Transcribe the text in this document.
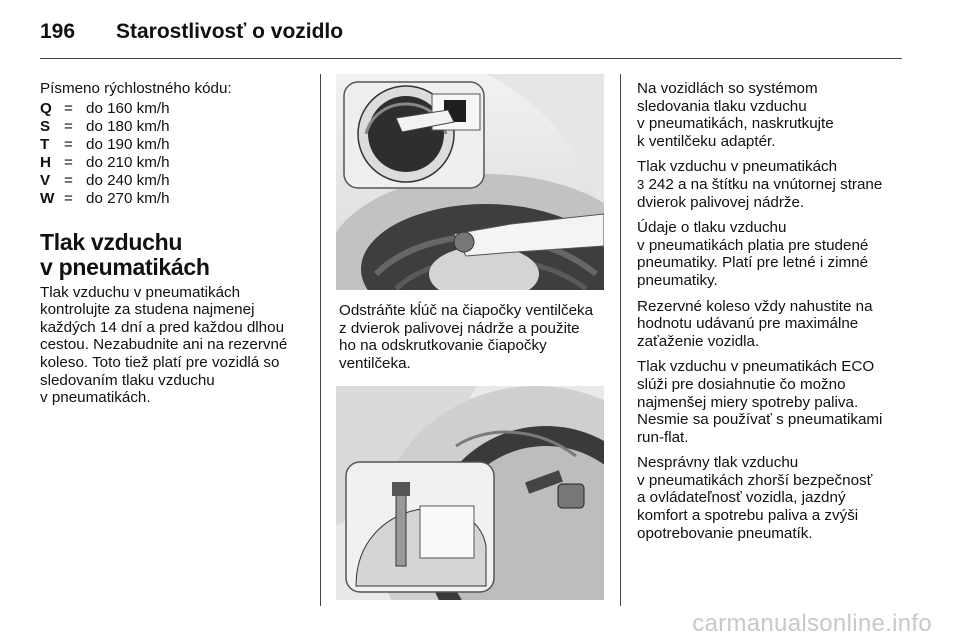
196 Starostlivosť o vozidlo
Písmeno rýchlostného kódu:
Q = do 160 km/h
S = do 180 km/h
T = do 190 km/h
H = do 210 km/h
V = do 240 km/h
W = do 270 km/h
Tlak vzduchu
v pneumatikách
Tlak vzduchu v pneumatikách
kontrolujte za studena najmenej
každých 14 dní a pred každou dlhou
cestou. Nezabudnite ani na rezervné
koleso. Toto tiež platí pre vozidlá so
sledovaním tlaku vzduchu
v pneumatikách.
Odstráňte kĺúč na čiapočky ventilčeka
z dvierok palivovej nádrže a použite
ho na odskrutkovanie čiapočky
ventilčeka.

Na vozidlách so systémom
sledovania tlaku vzduchu
v pneumatikách, naskrutkujte
k ventilčeku adaptér.

Tlak vzduchu v pneumatikách
3 242 a na štítku na vnútornej strane
dvierok palivovej nádrže.

Údaje o tlaku vzduchu
v pneumatikách platia pre studené
pneumatiky. Platí pre letné i zimné
pneumatiky.

Rezervné koleso vždy nahustite na
hodnotu udávanú pre maximálne
zaťaženie vozidla.

Tlak vzduchu v pneumatikách ECO
slúži pre dosiahnutie čo možno
najmenšej miery spotreby paliva.
Nesmie sa používať s pneumatikami
run-flat.

Nesprávny tlak vzduchu
v pneumatikách zhorší bezpečnosť
a ovládateľnosť vozidla, jazdný
komfort a spotrebu paliva a zvýši
opotrebovanie pneumatík.

carmanualsonline.info
